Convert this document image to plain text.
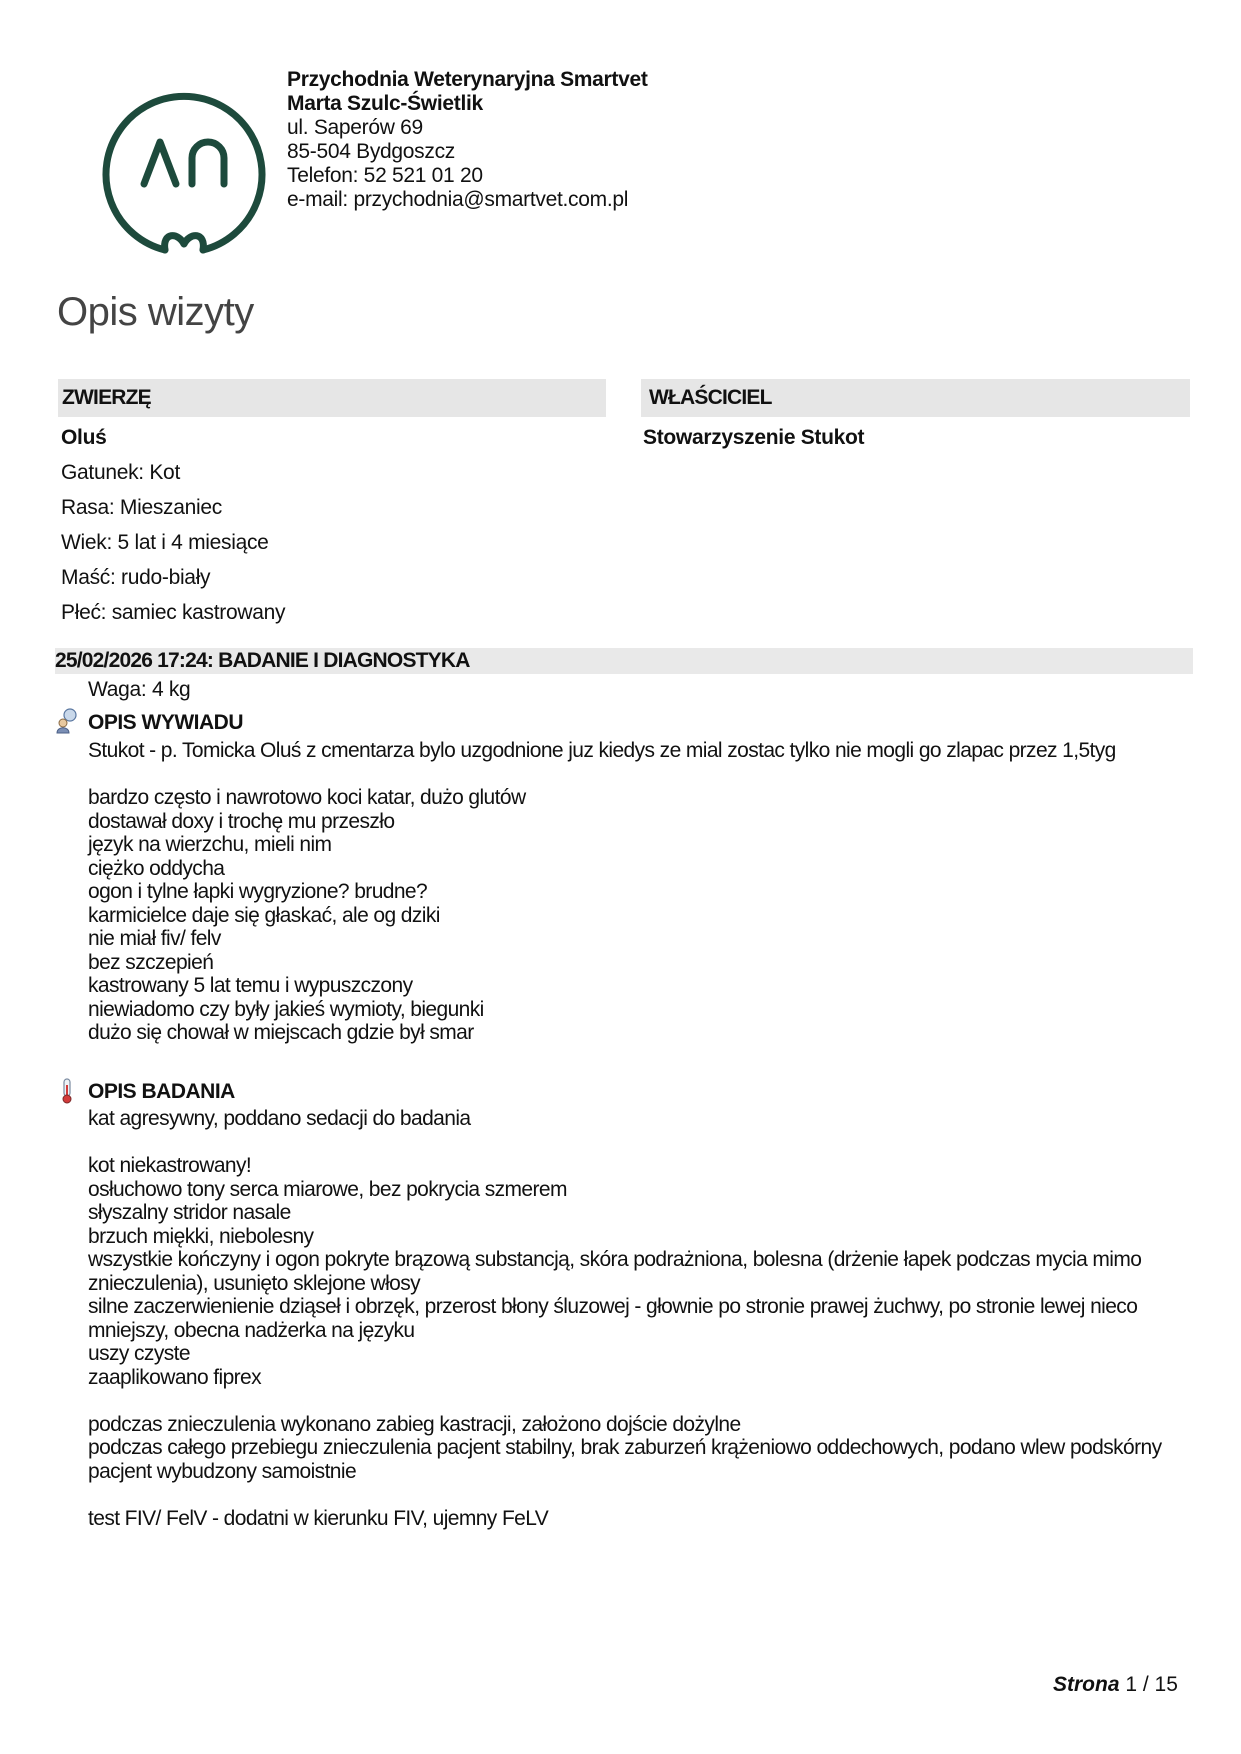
Przychodnia Weterynaryjna Smartvet
Marta Szulc-Świetlik
ul. Saperów 69
85-504 Bydgoszcz
Telefon: 52 521 01 20
e-mail: przychodnia@smartvet.com.pl
Opis wizyty
ZWIERZĘ	WŁAŚCICIEL
Oluś
Gatunek: Kot
Rasa: Mieszaniec
Wiek: 5 lat i 4 miesiące
Maść: rudo-biały
Płeć: samiec kastrowany
Stowarzyszenie Stukot
25/02/2026 17:24: BADANIE I DIAGNOSTYKA
Waga: 4 kg
OPIS WYWIADU
Stukot - p. Tomicka Oluś z cmentarza bylo uzgodnione juz kiedys ze mial zostac tylko nie mogli go zlapac przez 1,5tyg
bardzo często i nawrotowo koci katar, dużo glutów
dostawał doxy i trochę mu przeszło
język na wierzchu, mieli nim
ciężko oddycha
ogon i tylne łapki wygryzione? brudne?
karmicielce daje się głaskać, ale og dziki
nie miał fiv/ felv
bez szczepień
kastrowany 5 lat temu i wypuszczony
niewiadomo czy były jakieś wymioty, biegunki
dużo się chował w miejscach gdzie był smar
OPIS BADANIA
kat agresywny, poddano sedacji do badania
kot niekastrowany!
osłuchowo tony serca miarowe, bez pokrycia szmerem
słyszalny stridor nasale
brzuch miękki, niebolesny
wszystkie kończyny i ogon pokryte brązową substancją, skóra podrażniona, bolesna (drżenie łapek podczas mycia mimo znieczulenia), usunięto sklejone włosy
silne zaczerwienienie dziąseł i obrzęk, przerost błony śluzowej - głownie po stronie prawej żuchwy, po stronie lewej nieco mniejszy, obecna nadżerka na języku
uszy czyste
zaaplikowano fiprex
podczas znieczulenia wykonano zabieg kastracji, założono dojście dożylne
podczas całego przebiegu znieczulenia pacjent stabilny, brak zaburzeń krążeniowo oddechowych, podano wlew podskórny
pacjent wybudzony samoistnie
test FIV/ FelV - dodatni w kierunku FIV, ujemny FeLV
Strona 1 / 15
